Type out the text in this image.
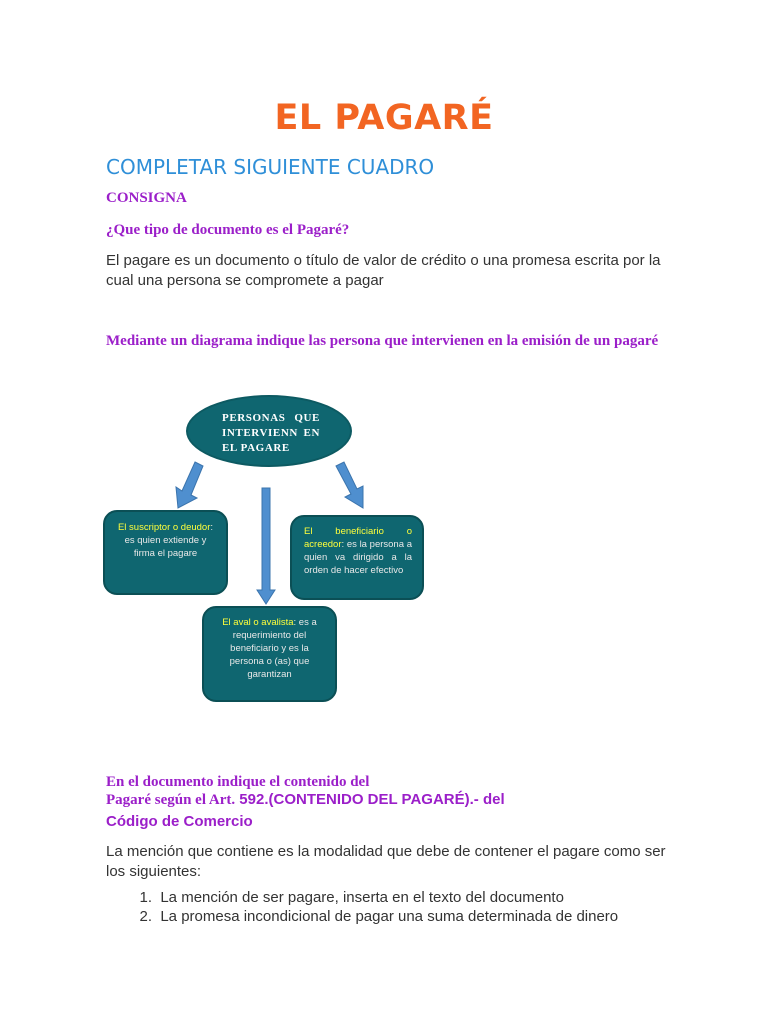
EL PAGARÉ
COMPLETAR SIGUIENTE CUADRO
CONSIGNA
¿Que tipo de documento es el Pagaré?
El pagare es un documento o título de valor de crédito o una promesa escrita por la cual una persona se compromete a pagar
Mediante un diagrama indique las persona que intervienen en la emisión de un pagaré
PERSONAS QUE
INTERVIENN EN
EL PAGARE
El suscriptor o deudor: es quien extiende y firma el pagare
El beneficiario o acreedor: es la persona a quien va dirigido a la orden de hacer efectivo
El aval o avalista: es a requerimiento del beneficiario y es la persona o (as) que garantizan
En el documento indique el contenido del
Pagaré según el Art. 592.(CONTENIDO DEL PAGARÉ).- del
Código de Comercio
La mención que contiene es la modalidad que debe de contener el pagare como ser los siguientes:
1. La mención de ser pagare, inserta en el texto del documento
2. La promesa incondicional de pagar una suma determinada de dinero
